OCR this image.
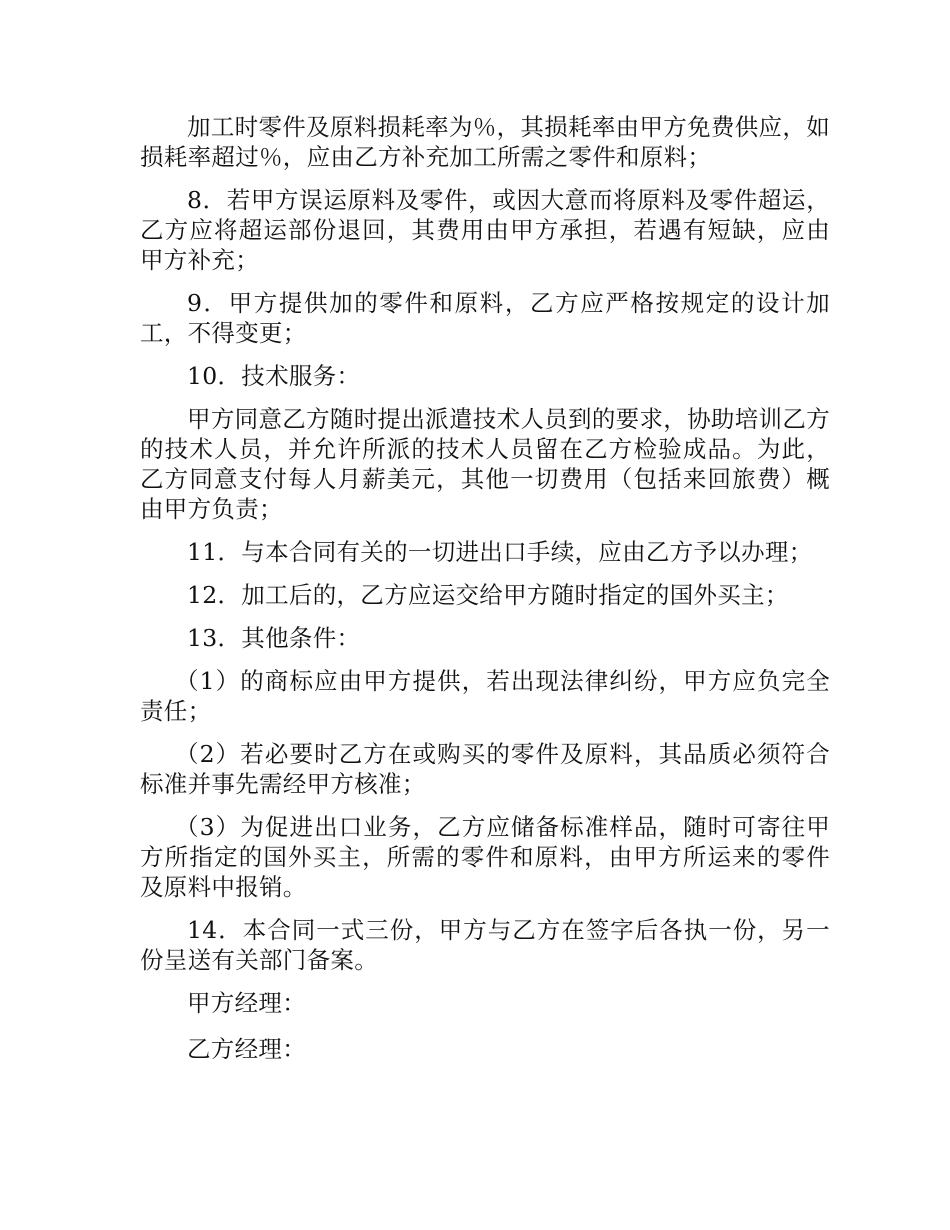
加工时零件及原料损耗率为％，其损耗率由甲方免费供应，如损耗率超过％，应由乙方补充加工所需之零件和原料；

8．若甲方误运原料及零件，或因大意而将原料及零件超运，乙方应将超运部份退回，其费用由甲方承担，若遇有短缺，应由甲方补充；

9．甲方提供加的零件和原料，乙方应严格按规定的设计加工，不得变更；

10．技术服务：

甲方同意乙方随时提出派遣技术人员到的要求，协助培训乙方的技术人员，并允许所派的技术人员留在乙方检验成品。为此，乙方同意支付每人月薪美元，其他一切费用（包括来回旅费）概由甲方负责；

11．与本合同有关的一切进出口手续，应由乙方予以办理；

12．加工后的，乙方应运交给甲方随时指定的国外买主；

13．其他条件：

（1）的商标应由甲方提供，若出现法律纠纷，甲方应负完全责任；

（2）若必要时乙方在或购买的零件及原料，其品质必须符合标准并事先需经甲方核准；

（3）为促进出口业务，乙方应储备标准样品，随时可寄往甲方所指定的国外买主，所需的零件和原料，由甲方所运来的零件及原料中报销。

14．本合同一式三份，甲方与乙方在签字后各执一份，另一份呈送有关部门备案。

甲方经理：

乙方经理：
